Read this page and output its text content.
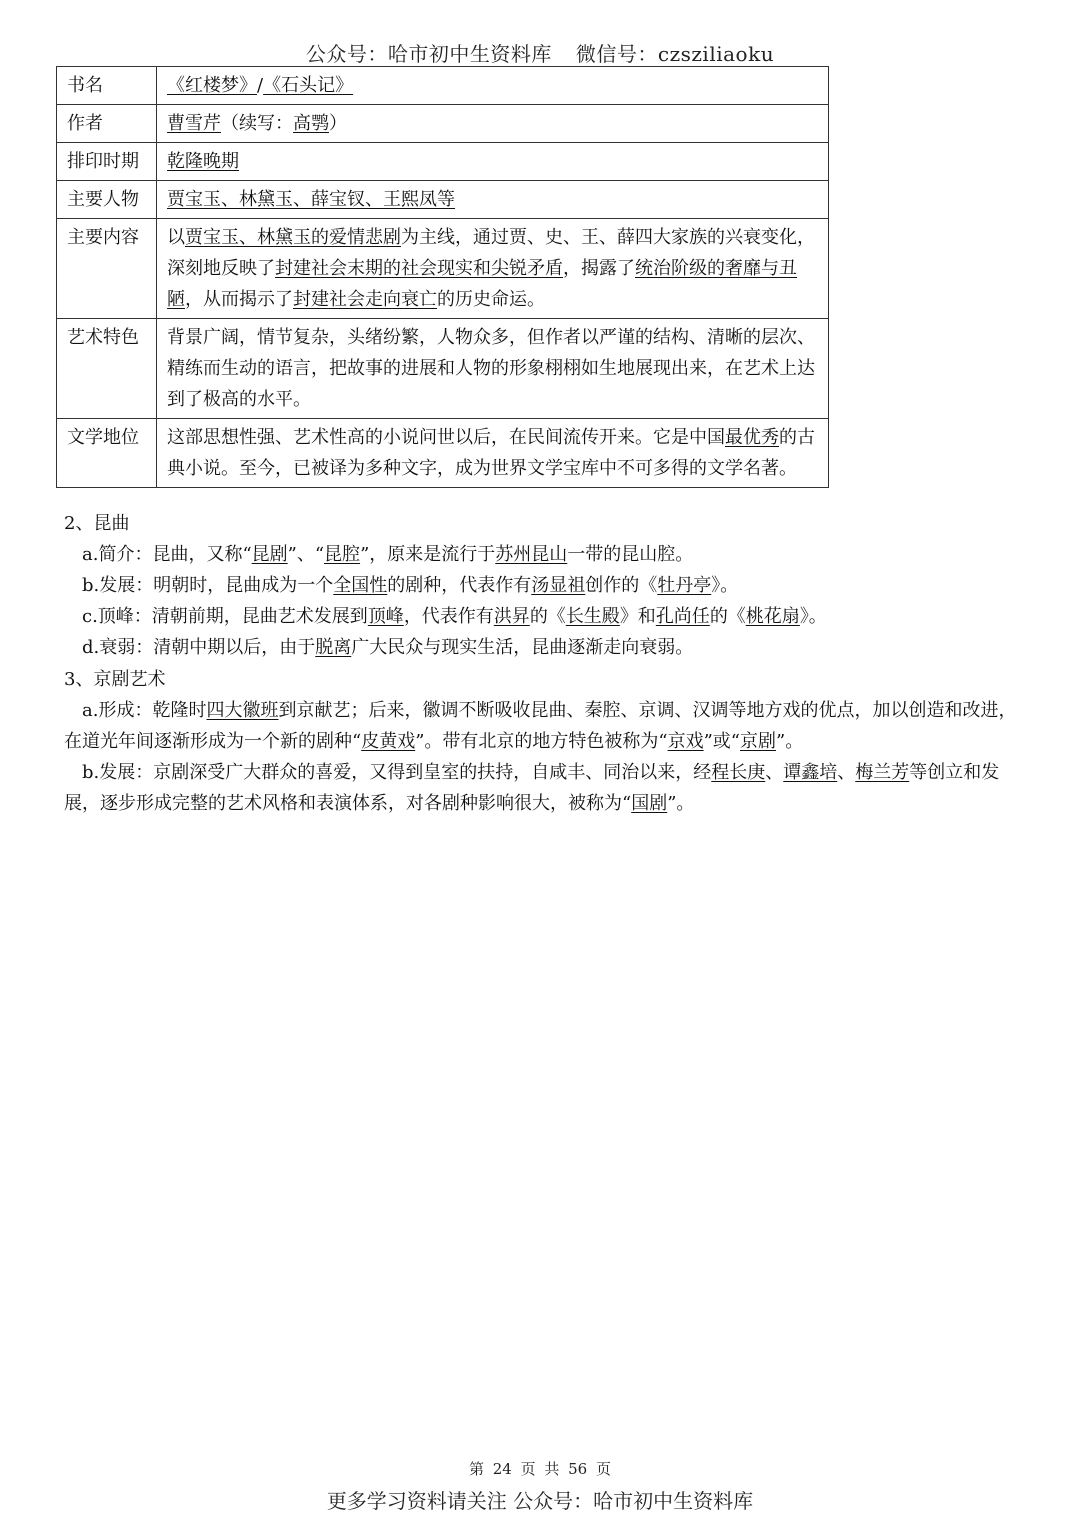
公众号：哈市初中生资料库 微信号：czsziliaoku
书名	《红楼梦》/《石头记》
作者	曹雪芹（续写：高鹗）
排印时期	乾隆晚期
主要人物	贾宝玉、林黛玉、薛宝钗、王熙凤等
主要内容	以贾宝玉、林黛玉的爱情悲剧为主线，通过贾、史、王、薛四大家族的兴衰变化，深刻地反映了封建社会末期的社会现实和尖锐矛盾，揭露了统治阶级的奢靡与丑陋，从而揭示了封建社会走向衰亡的历史命运。
艺术特色	背景广阔，情节复杂，头绪纷繁，人物众多，但作者以严谨的结构、清晰的层次、精练而生动的语言，把故事的进展和人物的形象栩栩如生地展现出来，在艺术上达到了极高的水平。
文学地位	这部思想性强、艺术性高的小说问世以后，在民间流传开来。它是中国最优秀的古典小说。至今，已被译为多种文字，成为世界文学宝库中不可多得的文学名著。
2、昆曲
a.简介：昆曲，又称“昆剧”、“昆腔”，原来是流行于苏州昆山一带的昆山腔。
b.发展：明朝时，昆曲成为一个全国性的剧种，代表作有汤显祖创作的《牡丹亭》。
c.顶峰：清朝前期，昆曲艺术发展到顶峰，代表作有洪昇的《长生殿》和孔尚任的《桃花扇》。
d.衰弱：清朝中期以后，由于脱离广大民众与现实生活，昆曲逐渐走向衰弱。
3、京剧艺术
a.形成：乾隆时四大徽班到京献艺；后来，徽调不断吸收昆曲、秦腔、京调、汉调等地方戏的优点，加以创造和改进，在道光年间逐渐形成为一个新的剧种“皮黄戏”。带有北京的地方特色被称为“京戏”或“京剧”。
b.发展：京剧深受广大群众的喜爱，又得到皇室的扶持，自咸丰、同治以来，经程长庚、谭鑫培、梅兰芳等创立和发展，逐步形成完整的艺术风格和表演体系，对各剧种影响很大，被称为“国剧”。
第 24 页 共 56 页
更多学习资料请关注 公众号：哈市初中生资料库
